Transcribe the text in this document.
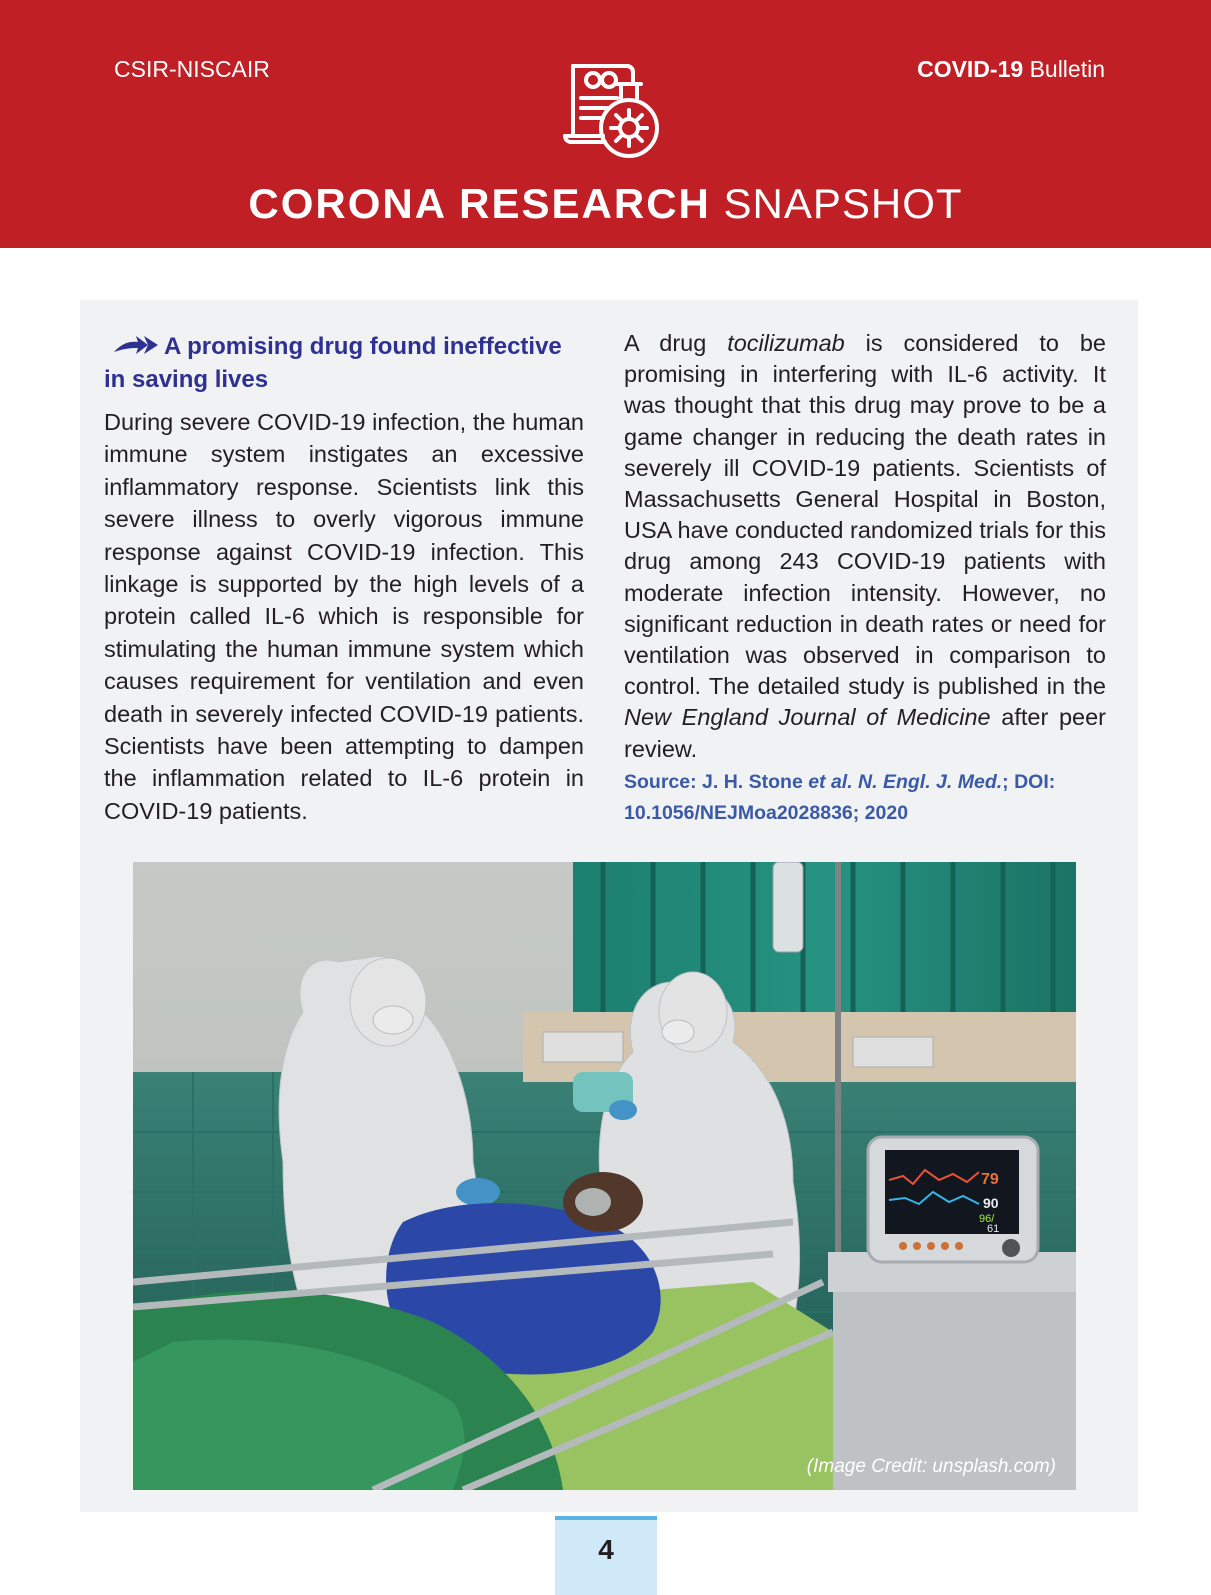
CSIR-NISCAIR	COVID-19 Bulletin
CORONA RESEARCH SNAPSHOT

A promising drug found ineffective in saving lives

During severe COVID-19 infection, the human immune system instigates an excessive inflammatory response. Scientists link this severe illness to overly vigorous immune response against COVID-19 infection. This linkage is supported by the high levels of a protein called IL-6 which is responsible for stimulating the human immune system which causes requirement for ventilation and even death in severely infected COVID-19 patients. Scientists have been attempting to dampen the inflammation related to IL-6 protein in COVID-19 patients.

A drug tocilizumab is considered to be promising in interfering with IL-6 activity. It was thought that this drug may prove to be a game changer in reducing the death rates in severely ill COVID-19 patients. Scientists of Massachusetts General Hospital in Boston, USA have conducted randomized trials for this drug among 243 COVID-19 patients with moderate infection intensity. However, no significant reduction in death rates or need for ventilation was observed in comparison to control. The detailed study is published in the New England Journal of Medicine after peer review.

Source: J. H. Stone et al. N. Engl. J. Med.; DOI: 10.1056/NEJMoa2028836; 2020
79
90
96/
61
(Image Credit: unsplash.com)
4
